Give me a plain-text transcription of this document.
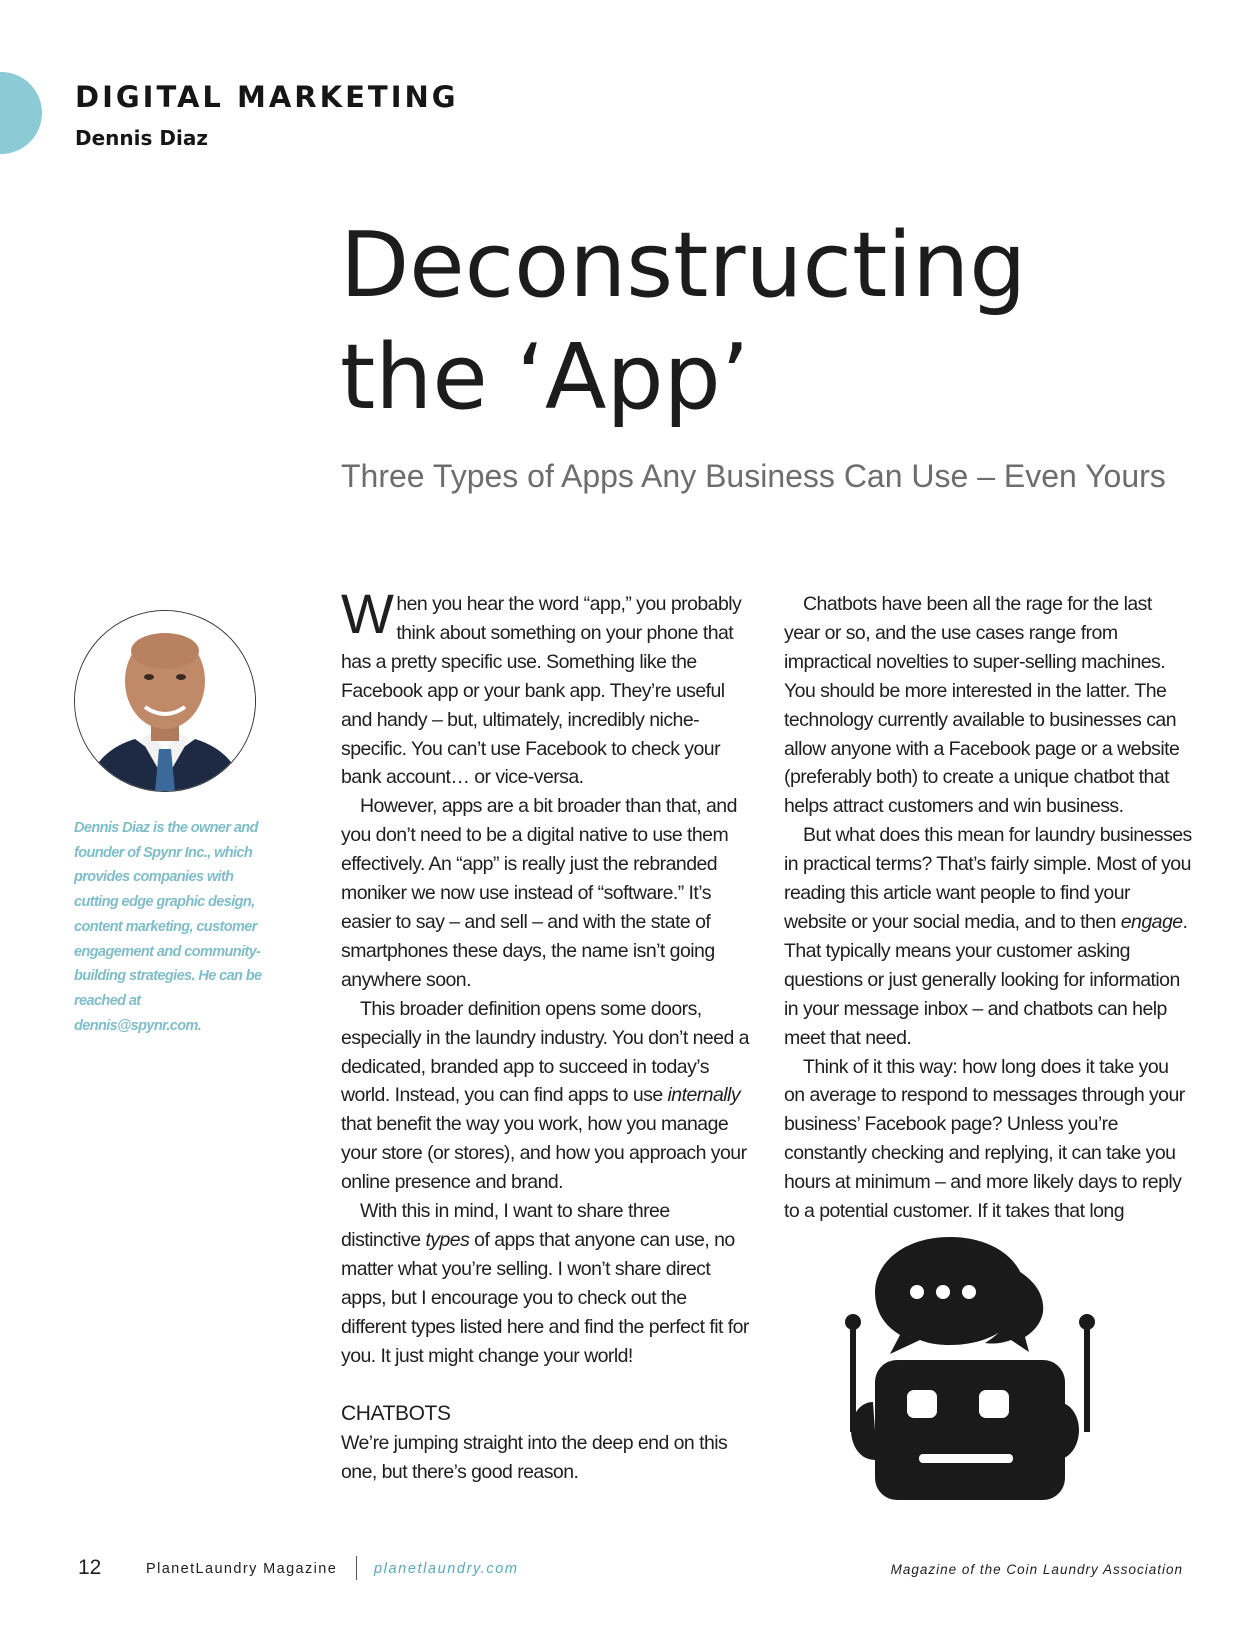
DIGITAL MARKETING

Dennis Diaz

Deconstructing
the ‘App’
Three Types of Apps Any Business Can Use – Even Yours

Dennis Diaz is the owner and founder of Spynr Inc., which provides companies with cutting edge graphic design, content marketing, customer engagement and community-building strategies. He can be reached at dennis@spynr.com.

When you hear the word “app,” you probably think about something on your phone that has a pretty specific use. Something like the Facebook app or your bank app. They’re useful and handy – but, ultimately, incredibly niche-specific. You can’t use Facebook to check your bank account… or vice-versa.

However, apps are a bit broader than that, and you don’t need to be a digital native to use them effectively. An “app” is really just the rebranded moniker we now use instead of “software.” It’s easier to say – and sell – and with the state of smartphones these days, the name isn’t going anywhere soon.

This broader definition opens some doors, especially in the laundry industry. You don’t need a dedicated, branded app to succeed in today’s world. Instead, you can find apps to use internally that benefit the way you work, how you manage your store (or stores), and how you approach your online presence and brand.

With this in mind, I want to share three distinctive types of apps that anyone can use, no matter what you’re selling. I won’t share direct apps, but I encourage you to check out the different types listed here and find the perfect fit for you. It just might change your world!

CHATBOTS

We’re jumping straight into the deep end on this one, but there’s good reason.

Chatbots have been all the rage for the last year or so, and the use cases range from impractical novelties to super-selling machines. You should be more interested in the latter. The technology currently available to businesses can allow anyone with a Facebook page or a website (preferably both) to create a unique chatbot that helps attract customers and win business.

But what does this mean for laundry businesses in practical terms? That’s fairly simple. Most of you reading this article want people to find your website or your social media, and to then engage. That typically means your customer asking questions or just generally looking for information in your message inbox – and chatbots can help meet that need.

Think of it this way: how long does it take you on average to respond to messages through your business’ Facebook page? Unless you’re constantly checking and replying, it can take you hours at minimum – and more likely days to reply to a potential customer. If it takes that long

12	PlanetLaundry Magazine	planetlaundry.com	Magazine of the Coin Laundry Association
